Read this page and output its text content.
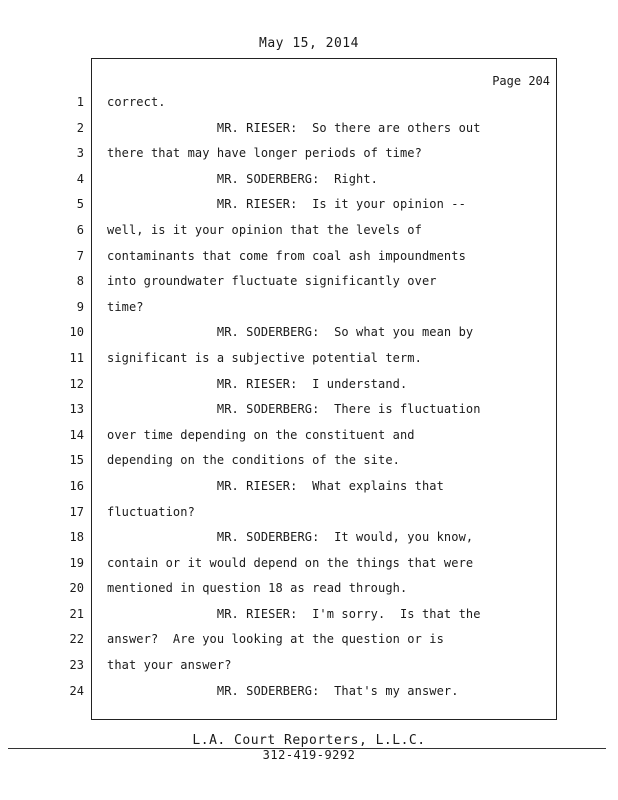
May 15, 2014
Page 204
1
2
3
4
5
6
7
8
9
10
11
12
13
14
15
16
17
18
19
20
21
22
23
24
correct.
MR. RIESER:  So there are others out
there that may have longer periods of time?
MR. SODERBERG:  Right.
MR. RIESER:  Is it your opinion --
well, is it your opinion that the levels of
contaminants that come from coal ash impoundments
into groundwater fluctuate significantly over
time?
MR. SODERBERG:  So what you mean by
significant is a subjective potential term.
MR. RIESER:  I understand.
MR. SODERBERG:  There is fluctuation
over time depending on the constituent and
depending on the conditions of the site.
MR. RIESER:  What explains that
fluctuation?
MR. SODERBERG:  It would, you know,
contain or it would depend on the things that were
mentioned in question 18 as read through.
MR. RIESER:  I'm sorry.  Is that the
answer?  Are you looking at the question or is
that your answer?
MR. SODERBERG:  That's my answer.
L.A. Court Reporters, L.L.C.
312-419-9292
